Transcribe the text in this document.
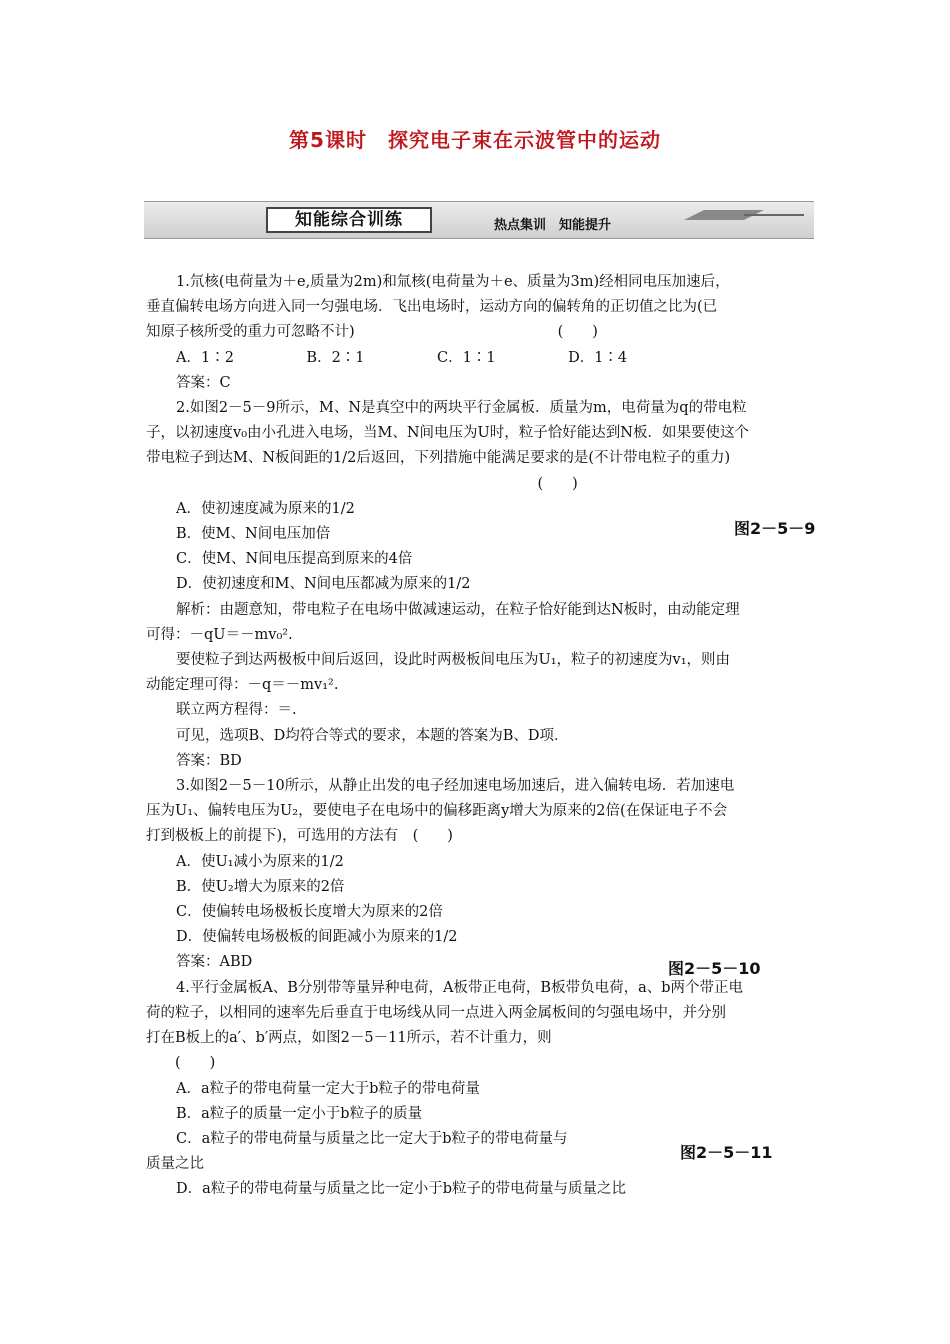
第5课时　探究电子束在示波管中的运动
知能综合训练	热点集训　知能提升

1.氘核(电荷量为＋e,质量为2m)和氚核(电荷量为＋e、质量为3m)经相同电压加速后，

垂直偏转电场方向进入同一匀强电场．飞出电场时，运动方向的偏转角的正切值之比为(已

知原子核所受的重力可忽略不计)　　　　　　　　　　　　　　(　　)

A．1∶2　　　　　B．2∶1　　　　　C．1∶1　　　　　D．1∶4

答案：C

2.如图2－5－9所示，M、N是真空中的两块平行金属板．质量为m，电荷量为q的带电粒

子，以初速度v₀由小孔进入电场，当M、N间电压为U时，粒子恰好能达到N板．如果要使这个

带电粒子到达M、N板间距的1/2后返回，下列措施中能满足要求的是(不计带电粒子的重力)

　　　　　　　　　　　　　　　　　　　　　　　　　　　(　　)

A．使初速度减为原来的1/2

B．使M、N间电压加倍

C．使M、N间电压提高到原来的4倍

D．使初速度和M、N间电压都减为原来的1/2

解析：由题意知，带电粒子在电场中做减速运动，在粒子恰好能到达N板时，由动能定理

可得：－qU＝－mv₀².

要使粒子到达两极板中间后返回，设此时两极板间电压为U₁，粒子的初速度为v₁，则由

动能定理可得：－q＝－mv₁².

联立两方程得：＝.

可见，选项B、D均符合等式的要求，本题的答案为B、D项．

答案：BD

3.如图2－5－10所示，从静止出发的电子经加速电场加速后，进入偏转电场．若加速电

压为U₁、偏转电压为U₂，要使电子在电场中的偏移距离y增大为原来的2倍(在保证电子不会

打到极板上的前提下)，可选用的方法有　(　　)

A．使U₁减小为原来的1/2

B．使U₂增大为原来的2倍

C．使偏转电场极板长度增大为原来的2倍

D．使偏转电场极板的间距减小为原来的1/2

答案：ABD

4.平行金属板A、B分别带等量异种电荷，A板带正电荷，B板带负电荷，a、b两个带正电

荷的粒子，以相同的速率先后垂直于电场线从同一点进入两金属板间的匀强电场中，并分别

打在B板上的a′、b′两点，如图2－5－11所示，若不计重力，则

　　(　　)

A．a粒子的带电荷量一定大于b粒子的带电荷量

B．a粒子的质量一定小于b粒子的质量

C．a粒子的带电荷量与质量之比一定大于b粒子的带电荷量与

质量之比

D．a粒子的带电荷量与质量之比一定小于b粒子的带电荷量与质量之比

图2－5－9
图2－5－10
图2－5－11
